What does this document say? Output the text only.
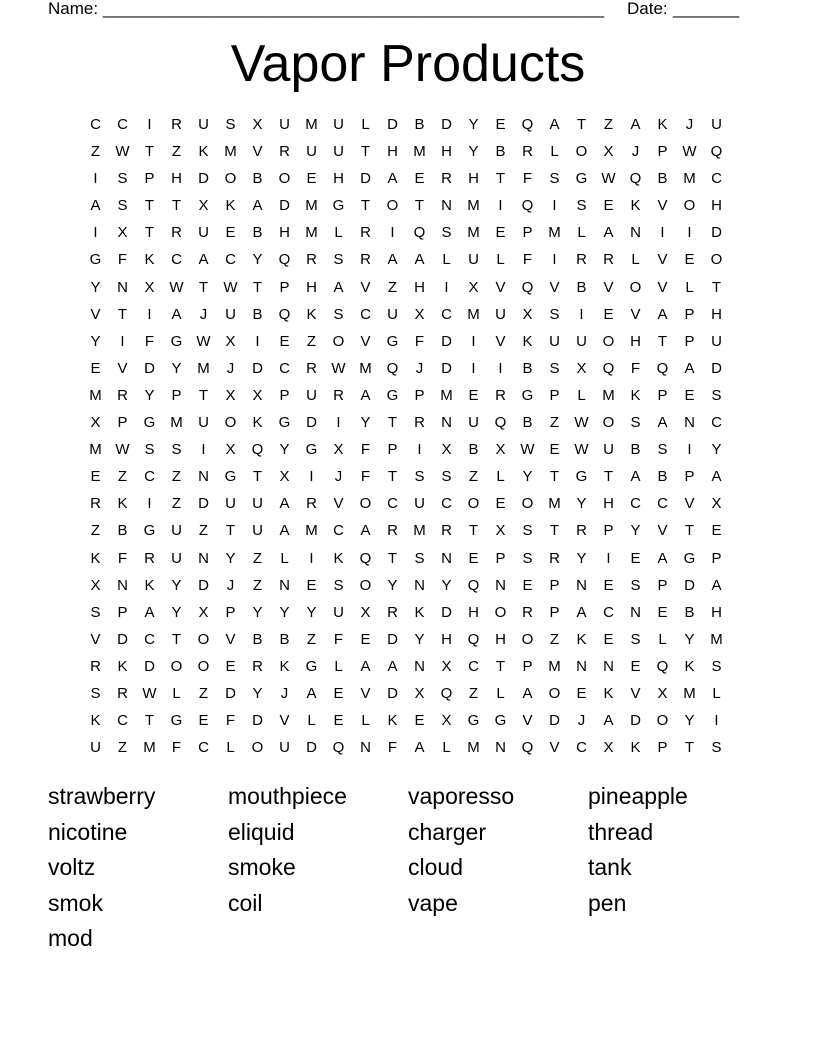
Name: _____________________________________________________ Date: _______
Vapor Products
C	C	I	R	U	S	X	U	M	U	L	D	B	D	Y	E	Q	A	T	Z	A	K	J	U
Z	W	T	Z	K	M	V	R	U	U	T	H	M	H	Y	B	R	L	O	X	J	P W Q
I	S	P	H	D	O	B	O	E	H	D	A	E	R	H	T	F	S	G W Q	B	M	C
A	S	T	T	X	K	A	D	M G	T	O	T	N	M	I	Q	I	S	E	K	V	O	H
I	X	T	R	U	E	B	H	M	L	R	I	Q	S	M	E	P	M	L	A	N	I	I	D
G	F	K	C	A	C	Y	Q	R	S	R	A	A	L	U	L	F	I	R	R	L	V	E	O
Y	N	X W	T	W	T	P	H	A	V	Z	H	I	X	V	Q	V	B	V	O	V	L	T
V	T	I	A	J	U	B	Q	K	S	C	U	X	C	M	U	X	S	I	E	V	A	P	H
Y	I	F	G W X	I	E	Z	O	V	G	F	D	I	V	K	U	U	O	H	T	P	U
E	V	D	Y	M	J	D	C	R W M Q	J	D	I	I	B	S	X	Q	F	Q	A	D
M	R	Y	P	T	X	X	P	U	R	A	G	P	M	E	R	G	P	L	M	K	P	E	S
X	P	G M	U	O	K	G	D	I	Y	T	R	N	U	Q	B	Z	W O	S	A	N	C
M W S	S	I	X	Q	Y	G	X	F	P	I	X	B	X W E W U	B	S	I	Y
E	Z	C	Z	N	G	T	X	I	J	F	T	S	S	Z	L	Y	T	G	T	A	B	P	A
R	K	I	Z	D	U	U	A	R	V	O	C	U	C	O	E	O M	Y	H	C	C	V	X
Z	B	G	U	Z	T	U	A	M	C	A	R	M	R	T	X	S	T	R	P	Y	V	T	E
K	F	R	U	N	Y	Z	L	I	K	Q	T	S	N	E	P	S	R	Y	I	E	A	G	P
X	N	K	Y	D	J	Z	N	E	S	O	Y	N	Y	Q	N	E	P	N	E	S	P	D	A
S	P	A	Y	X	P	Y	Y	Y	U	X	R	K	D	H	O	R	P	A	C	N	E	B	H
V	D	C	T	O	V	B	B	Z	F	E	D	Y	H	Q	H	O	Z	K	E	S	L	Y	M
R	K	D	O	O	E	R	K	G	L	A	A	N	X	C	T	P	M	N	N	E	Q	K	S
S	R W	L	Z	D	Y	J	A	E	V	D	X	Q	Z	L	A	O	E	K	V	X	M	L
K	C	T	G	E	F	D	V	L	E	L	K	E	X	G	G	V	D	J	A	D	O	Y	I
U	Z	M	F	C	L	O	U	D	Q	N	F	A	L	M	N	Q	V	C	X	K	P	T	S
strawberry	mouthpiece	vaporesso	pineapple
nicotine	eliquid	charger	thread
voltz	smoke	cloud	tank
smok	coil	vape	pen
mod
